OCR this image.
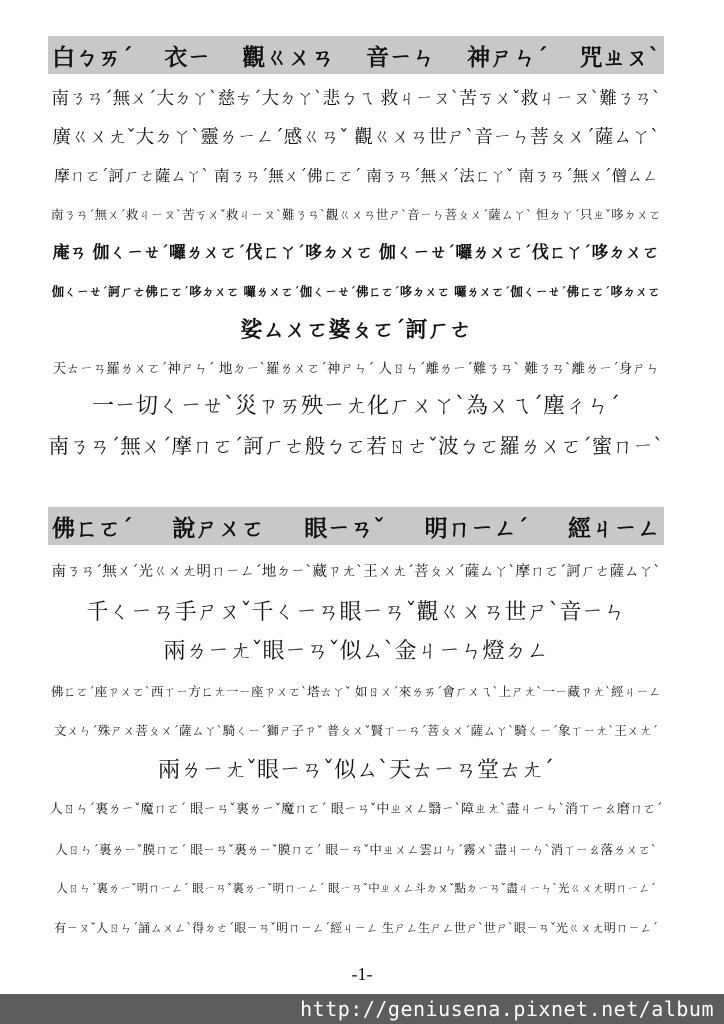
白ㄅㄞˊ 衣ㄧ 觀ㄍㄨㄢ 音ㄧㄣ 神ㄕㄣˊ 咒ㄓㄡˋ
南ㄋㄢˊ無ㄨˊ大ㄉㄚˋ慈ㄘˊ大ㄉㄚˋ悲ㄅㄟ 救ㄐㄧㄡˋ苦ㄎㄨˇ救ㄐㄧㄡˋ難ㄋㄢˋ
廣ㄍㄨㄤˇ大ㄉㄚˋ靈ㄌㄧㄥˊ感ㄍㄢˇ 觀ㄍㄨㄢ世ㄕˋ音ㄧㄣ菩ㄆㄨˊ薩ㄙㄚˋ
摩ㄇㄛˊ訶ㄏㄜ薩ㄙㄚˋ 南ㄋㄢˊ無ㄨˊ佛ㄈㄛˊ 南ㄋㄢˊ無ㄨˊ法ㄈㄚˇ 南ㄋㄢˊ無ㄨˊ僧ㄙㄥ
南ㄋㄢˊ無ㄨˊ救ㄐㄧㄡˋ苦ㄎㄨˇ救ㄐㄧㄡˋ難ㄋㄢˋ觀ㄍㄨㄢ世ㄕˋ音ㄧㄣ菩ㄆㄨˊ薩ㄙㄚˋ 怛ㄉㄚˊ只ㄓˇ哆ㄉㄨㄛ
庵ㄢ 伽ㄑㄧㄝˊ囉ㄌㄨㄛˊ伐ㄈㄚˊ哆ㄉㄨㄛ 伽ㄑㄧㄝˊ囉ㄌㄨㄛˊ伐ㄈㄚˊ哆ㄉㄨㄛ
伽ㄑㄧㄝˊ訶ㄏㄜ佛ㄈㄛˊ哆ㄉㄨㄛ 囉ㄌㄨㄛˊ伽ㄑㄧㄝˊ佛ㄈㄛˊ哆ㄉㄨㄛ 囉ㄌㄨㄛˊ伽ㄑㄧㄝˊ佛ㄈㄛˊ哆ㄉㄨㄛ
娑ㄙㄨㄛ婆ㄆㄛˊ訶ㄏㄜ
天ㄊㄧㄢ羅ㄌㄨㄛˊ神ㄕㄣˊ 地ㄉㄧˋ羅ㄌㄨㄛˊ神ㄕㄣˊ 人ㄖㄣˊ離ㄌㄧˊ難ㄋㄢˋ 難ㄋㄢˋ離ㄌㄧˊ身ㄕㄣ
一ㄧ切ㄑㄧㄝˋ災ㄗㄞ殃ㄧㄤ化ㄏㄨㄚˋ為ㄨㄟˊ塵ㄔㄣˊ
南ㄋㄢˊ無ㄨˊ摩ㄇㄛˊ訶ㄏㄜ般ㄅㄛ若ㄖㄜˇ波ㄅㄛ羅ㄌㄨㄛˊ蜜ㄇㄧˋ
佛ㄈㄛˊ 說ㄕㄨㄛ 眼ㄧㄢˇ 明ㄇㄧㄥˊ 經ㄐㄧㄥ
南ㄋㄢˊ無ㄨˊ光ㄍㄨㄤ明ㄇㄧㄥˊ地ㄉㄧˋ藏ㄗㄤˋ王ㄨㄤˊ菩ㄆㄨˊ薩ㄙㄚˋ摩ㄇㄛˊ訶ㄏㄜ薩ㄙㄚˋ
千ㄑㄧㄢ手ㄕㄡˇ千ㄑㄧㄢ眼ㄧㄢˇ觀ㄍㄨㄢ世ㄕˋ音ㄧㄣ
兩ㄌㄧㄤˇ眼ㄧㄢˇ似ㄙˋ金ㄐㄧㄣ燈ㄉㄥ
佛ㄈㄛˊ座ㄗㄨㄛˋ西ㄒㄧ方ㄈㄤ一ㄧ座ㄗㄨㄛˋ塔ㄊㄚˇ 如ㄖㄨˊ來ㄌㄞˊ會ㄏㄨㄟˋ上ㄕㄤˋ一ㄧ藏ㄗㄤˋ經ㄐㄧㄥ
文ㄨㄣˊ殊ㄕㄨ菩ㄆㄨˊ薩ㄙㄚˋ騎ㄑㄧˊ獅ㄕ子ㄗˇ 普ㄆㄨˇ賢ㄒㄧㄢˊ菩ㄆㄨˊ薩ㄙㄚˋ騎ㄑㄧˊ象ㄒㄧㄤˋ王ㄨㄤˊ
兩ㄌㄧㄤˇ眼ㄧㄢˇ似ㄙˋ天ㄊㄧㄢ堂ㄊㄤˊ
人ㄖㄣˊ裏ㄌㄧˇ魔ㄇㄛˊ 眼ㄧㄢˇ裏ㄌㄧˇ魔ㄇㄛˊ 眼ㄧㄢˇ中ㄓㄨㄥ翳ㄧˋ障ㄓㄤˋ盡ㄐㄧㄣˋ消ㄒㄧㄠ磨ㄇㄛˊ
人ㄖㄣˊ裏ㄌㄧˇ膜ㄇㄛˊ 眼ㄧㄢˇ裏ㄌㄧˇ膜ㄇㄛˊ 眼ㄧㄢˇ中ㄓㄨㄥ雲ㄩㄣˊ霧ㄨˋ盡ㄐㄧㄣˋ消ㄒㄧㄠ落ㄌㄨㄛˋ
人ㄖㄣˊ裏ㄌㄧˇ明ㄇㄧㄥˊ 眼ㄧㄢˇ裏ㄌㄧˇ明ㄇㄧㄥˊ 眼ㄧㄢˇ中ㄓㄨㄥ斗ㄉㄡˇ點ㄉㄧㄢˇ盡ㄐㄧㄣˋ光ㄍㄨㄤ明ㄇㄧㄥˊ
有ㄧㄡˇ人ㄖㄣˊ誦ㄙㄨㄥˋ得ㄉㄜˊ眼ㄧㄢˇ明ㄇㄧㄥˊ經ㄐㄧㄥ 生ㄕㄥ生ㄕㄥ世ㄕˋ世ㄕˋ眼ㄧㄢˇ光ㄍㄨㄤ明ㄇㄧㄥˊ
-1-
http://geniusena.pixnet.net/album
